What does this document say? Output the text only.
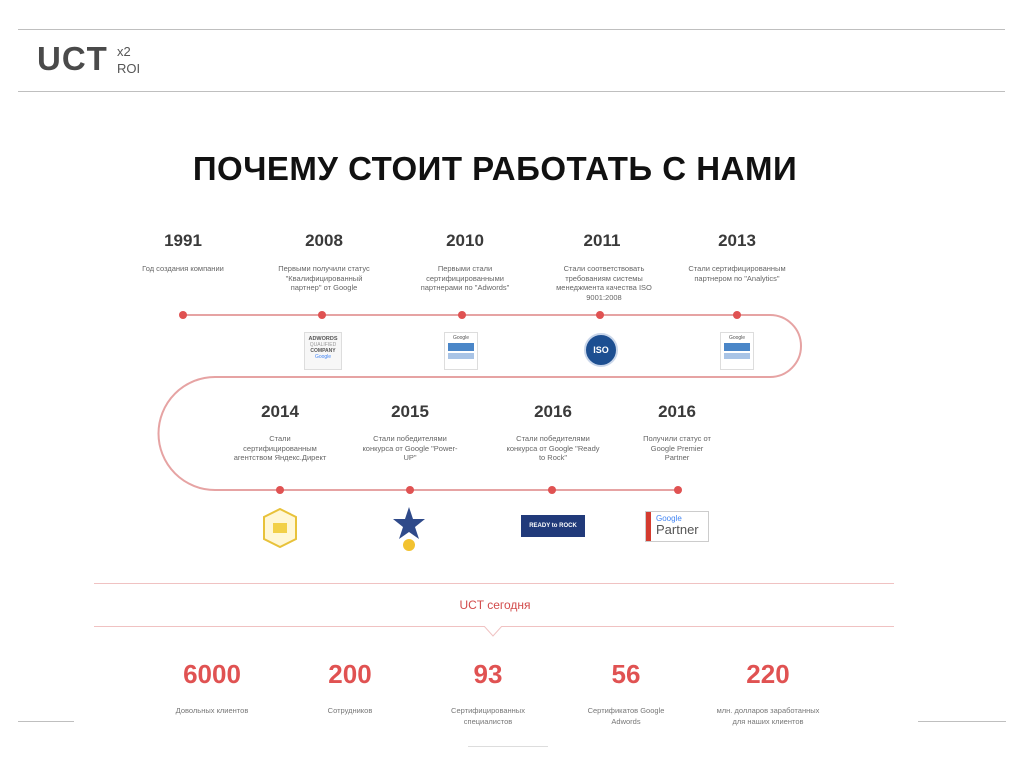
UCT x2
ROI
ПОЧЕМУ СТОИТ РАБОТАТЬ С НАМИ
1991
Год создания компании
2008
Первыми получили статус "Квалифицированный партнер" от Google
2010
Первыми стали сертифицированными партнерами по "Adwords"
2011
Стали соответствовать требованиям системы менеджмента качества ISO 9001:2008
2013
Стали сертифицированным партнером по "Analytics"
ADWORDS
QUALIFIED
COMPANY
Google
Google
ISO
Google
2014
Стали сертифицированным агентством Яндекс.Директ
2015
Стали победителями конкурса от Google "Power-UP"
2016
Стали победителями конкурса от Google "Ready to Rock"
2016
Получили статус от Google Premier Partner
READY to ROCK
Google
Partner
UCT сегодня
6000
Довольных клиентов
200
Сотрудников
93
Сертифицированных специалистов
56
Сертификатов Google Adwords
220
млн. долларов заработанных для наших клиентов
